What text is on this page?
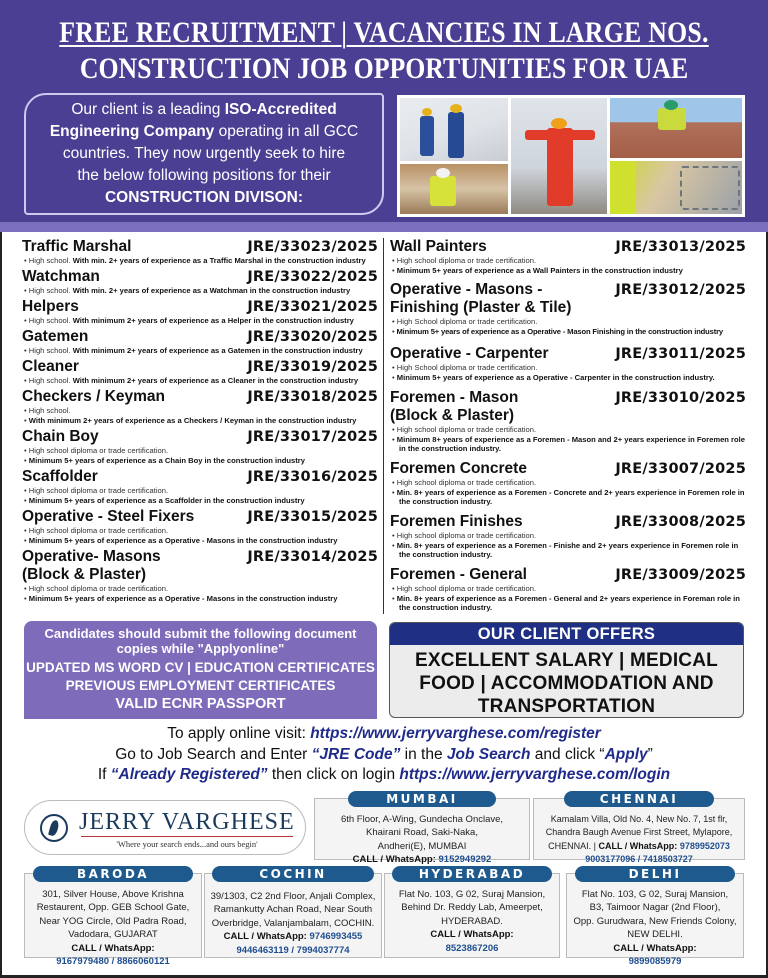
FREE RECRUITMENT | VACANCIES IN LARGE NOS.
CONSTRUCTION JOB OPPORTUNITIES FOR UAE
Our client is a leading ISO-Accredited
Engineering Company operating in all GCC
countries. They now urgently seek to hire
the below following positions for their
CONSTRUCTION DIVISON:
Traffic Marshal	JRE/33023/2025
• High school. With min. 2+ years of experience as a Traffic Marshal in the construction industry
Watchman	JRE/33022/2025
• High school. With min. 2+ years of experience as a Watchman in the construction industry
Helpers	JRE/33021/2025
• High school. With minimum 2+ years of experience as a Helper in the construction industry
Gatemen	JRE/33020/2025
• High school. With minimum 2+ years of experience as a Gatemen in the construction industry
Cleaner	JRE/33019/2025
• High school. With minimum 2+ years of experience as a Cleaner in the construction industry
Checkers / Keyman	JRE/33018/2025
• High school.
• With minimum 2+ years of experience as a Checkers / Keyman in the construction industry
Chain Boy	JRE/33017/2025
• High school diploma or trade certification.
• Minimum 5+ years of experience as a Chain Boy in the construction industry
Scaffolder	JRE/33016/2025
• High school diploma or trade certification.
• Minimum 5+ years of experience as a Scaffolder in the construction industry
Operative - Steel Fixers	JRE/33015/2025
• High school diploma or trade certification.
• Minimum 5+ years of experience as a Operative - Masons in the construction industry
Operative- Masons	JRE/33014/2025
(Block & Plaster)
• High school diploma or trade certification.
• Minimum 5+ years of experience as a Operative - Masons in the construction industry
Wall Painters	JRE/33013/2025
• High school diploma or trade certification.
• Minimum 5+ years of experience as a Wall Painters in the construction industry
Operative - Masons -	JRE/33012/2025
Finishing (Plaster & Tile)
• High School diploma or trade certification.
• Minimum 5+ years of experience as a Operative - Mason Finishing in the construction industry
Operative - Carpenter	JRE/33011/2025
• High School diploma or trade certification.
• Minimum 5+ years of experience as a Operative - Carpenter in the construction industry.
Foremen - Mason	JRE/33010/2025
(Block & Plaster)
• High school diploma or trade certification.
• Minimum 8+ years of experience as a Foremen - Mason and 2+ years experience in Foremen role in the construction industry.
Foremen Concrete	JRE/33007/2025
• High school diploma or trade certification.
• Min. 8+ years of experience as a Foremen - Concrete and 2+ years experience in Foremen role in the construction industry.
Foremen Finishes	JRE/33008/2025
• High school diploma or trade certification.
• Min. 8+ years of experience as a Foremen - Finishe and 2+ years experience in Foremen role in the construction industry.
Foremen - General	JRE/33009/2025
• High school diploma or trade certification.
• Min. 8+ years of experience as a Foremen - General and 2+ years experience in Foreman role in the construction industry.
Candidates should submit the following document
copies while "Applyonline"
UPDATED MS WORD CV | EDUCATION CERTIFICATES
PREVIOUS EMPLOYMENT CERTIFICATES
VALID ECNR PASSPORT
OUR CLIENT OFFERS
EXCELLENT SALARY | MEDICAL
FOOD | ACCOMMODATION AND
TRANSPORTATION
To apply online visit: https://www.jerryvarghese.com/register
Go to Job Search and Enter “JRE Code” in the Job Search and click “Apply”
If “Already Registered” then click on login https://www.jerryvarghese.com/login
JERRY VARGHESE
'Where your search ends...and ours begin'
MUMBAI
6th Floor, A-Wing, Gundecha Onclave,
Khairani Road, Saki-Naka,
Andheri(E), MUMBAI
CALL / WhatsApp: 9152949292
CHENNAI
Kamalam Villa, Old No. 4, New No. 7, 1st flr,
Chandra Baugh Avenue First Street, Mylapore,
CHENNAI. | CALL / WhatsApp: 9789952073
9003177096 / 7418503727
BARODA
301, Silver House, Above Krishna
Restaurent, Opp. GEB School Gate,
Near YOG Circle, Old Padra Road,
Vadodara, GUJARAT
CALL / WhatsApp:
9167979480 / 8866060121
COCHIN
39/1303, C2 2nd Floor, Anjali Complex,
Ramankutty Achan Road, Near South
Overbridge, Valanjambalam, COCHIN.
CALL / WhatsApp: 9746993455
9446463119 / 7994037774
HYDERABAD
Flat No. 103, G 02, Suraj Mansion,
Behind Dr. Reddy Lab, Ameerpet,
HYDERABAD.
CALL / WhatsApp:
8523867206
DELHI
Flat No. 103, G 02, Suraj Mansion,
B3, Taimoor Nagar (2nd Floor),
Opp. Gurudwara, New Friends Colony,
NEW DELHI.
CALL / WhatsApp:
9899085979
